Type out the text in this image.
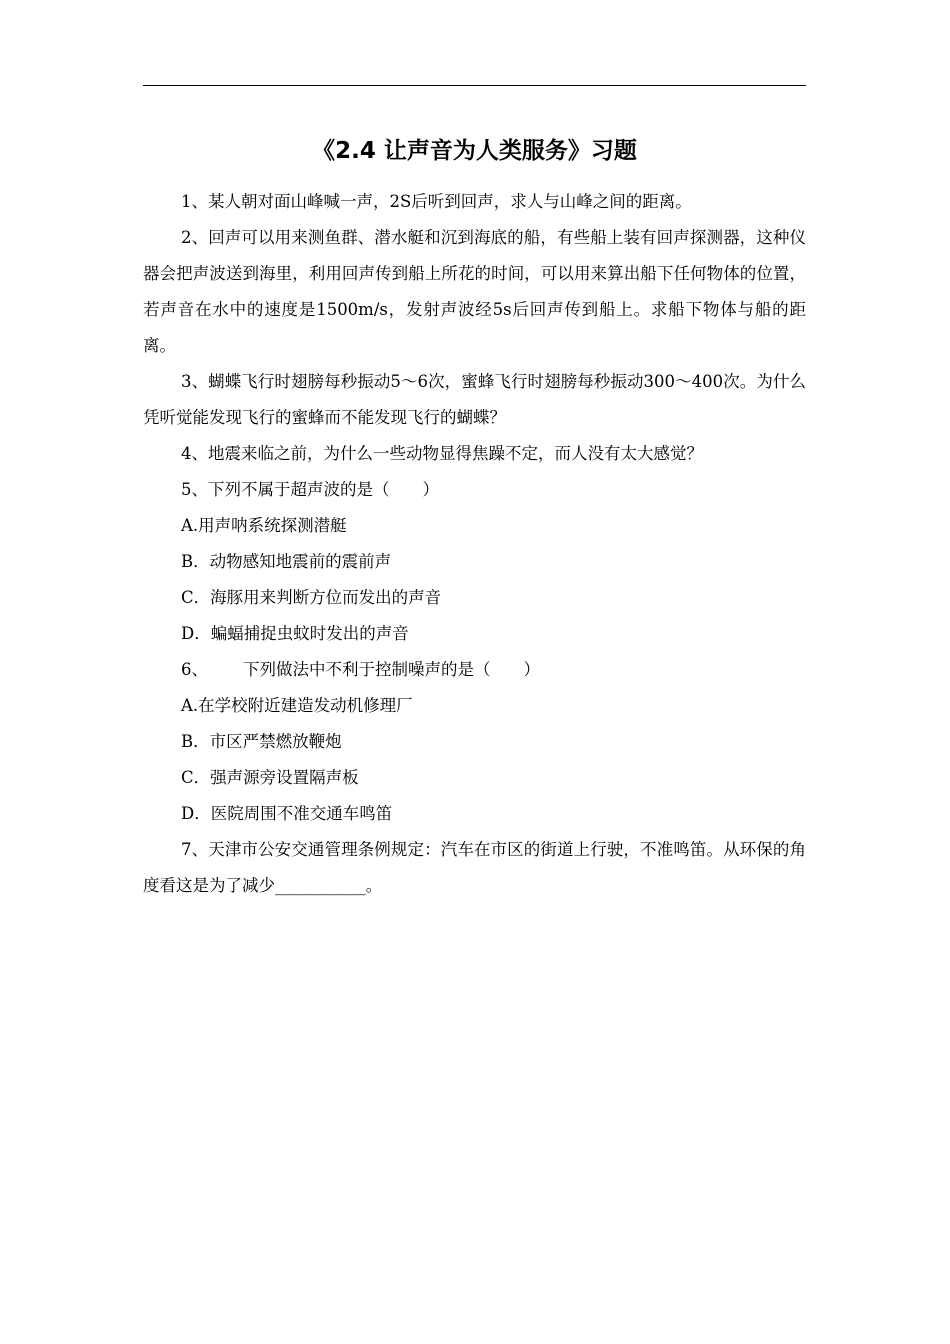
《2.4 让声音为人类服务》习题

1、某人朝对面山峰喊一声，2S后听到回声，求人与山峰之间的距离。

2、回声可以用来测鱼群、潜水艇和沉到海底的船，有些船上装有回声探测器，这种仪器会把声波送到海里，利用回声传到船上所花的时间，可以用来算出船下任何物体的位置，若声音在水中的速度是1500m/s，发射声波经5s后回声传到船上。求船下物体与船的距离。

3、蝴蝶飞行时翅膀每秒振动5～6次，蜜蜂飞行时翅膀每秒振动300～400次。为什么凭听觉能发现飞行的蜜蜂而不能发现飞行的蝴蝶？

4、地震来临之前，为什么一些动物显得焦躁不定，而人没有太大感觉？

5、下列不属于超声波的是（　　）

A.用声呐系统探测潜艇

B．动物感知地震前的震前声

C．海豚用来判断方位而发出的声音

D．蝙蝠捕捉虫蚊时发出的声音

6、 下列做法中不利于控制噪声的是（　　）

A.在学校附近建造发动机修理厂

B．市区严禁燃放鞭炮

C．强声源旁设置隔声板

D．医院周围不准交通车鸣笛

7、天津市公安交通管理条例规定：汽车在市区的街道上行驶，不准鸣笛。从环保的角度看这是为了减少___________。
